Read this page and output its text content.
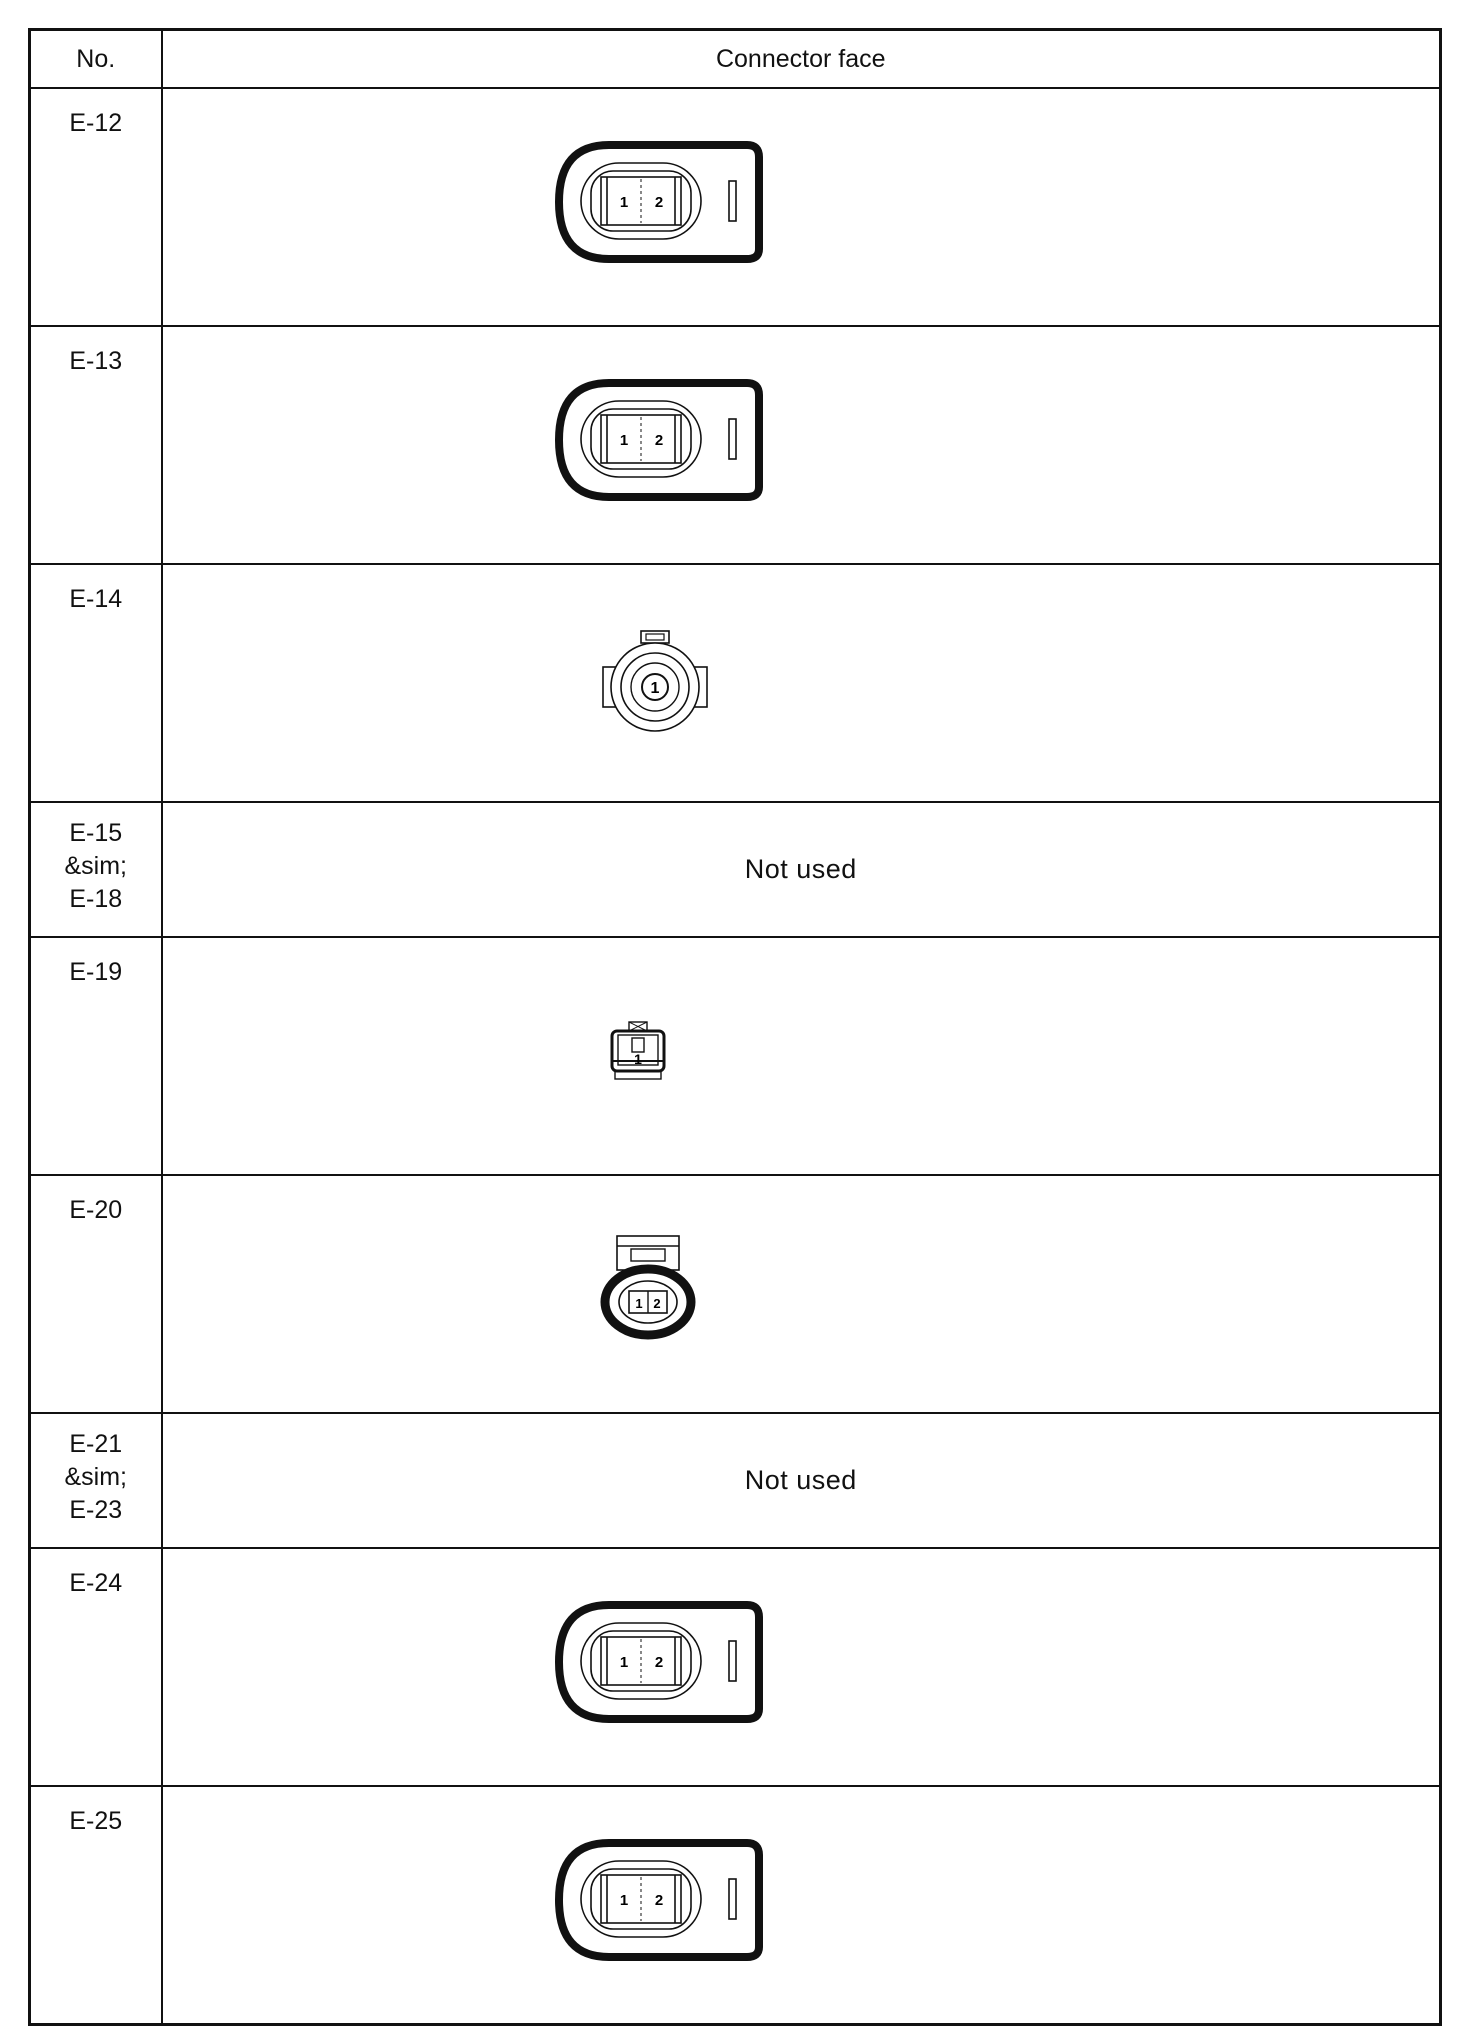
No.	Connector face

E-12	1 2

E-13	1 2

E-14	1

E-15
&sim;
E-18	Not used

E-19	1

E-20	1 2

E-21
&sim;
E-23	Not used

E-24	1 2

E-25	1 2
